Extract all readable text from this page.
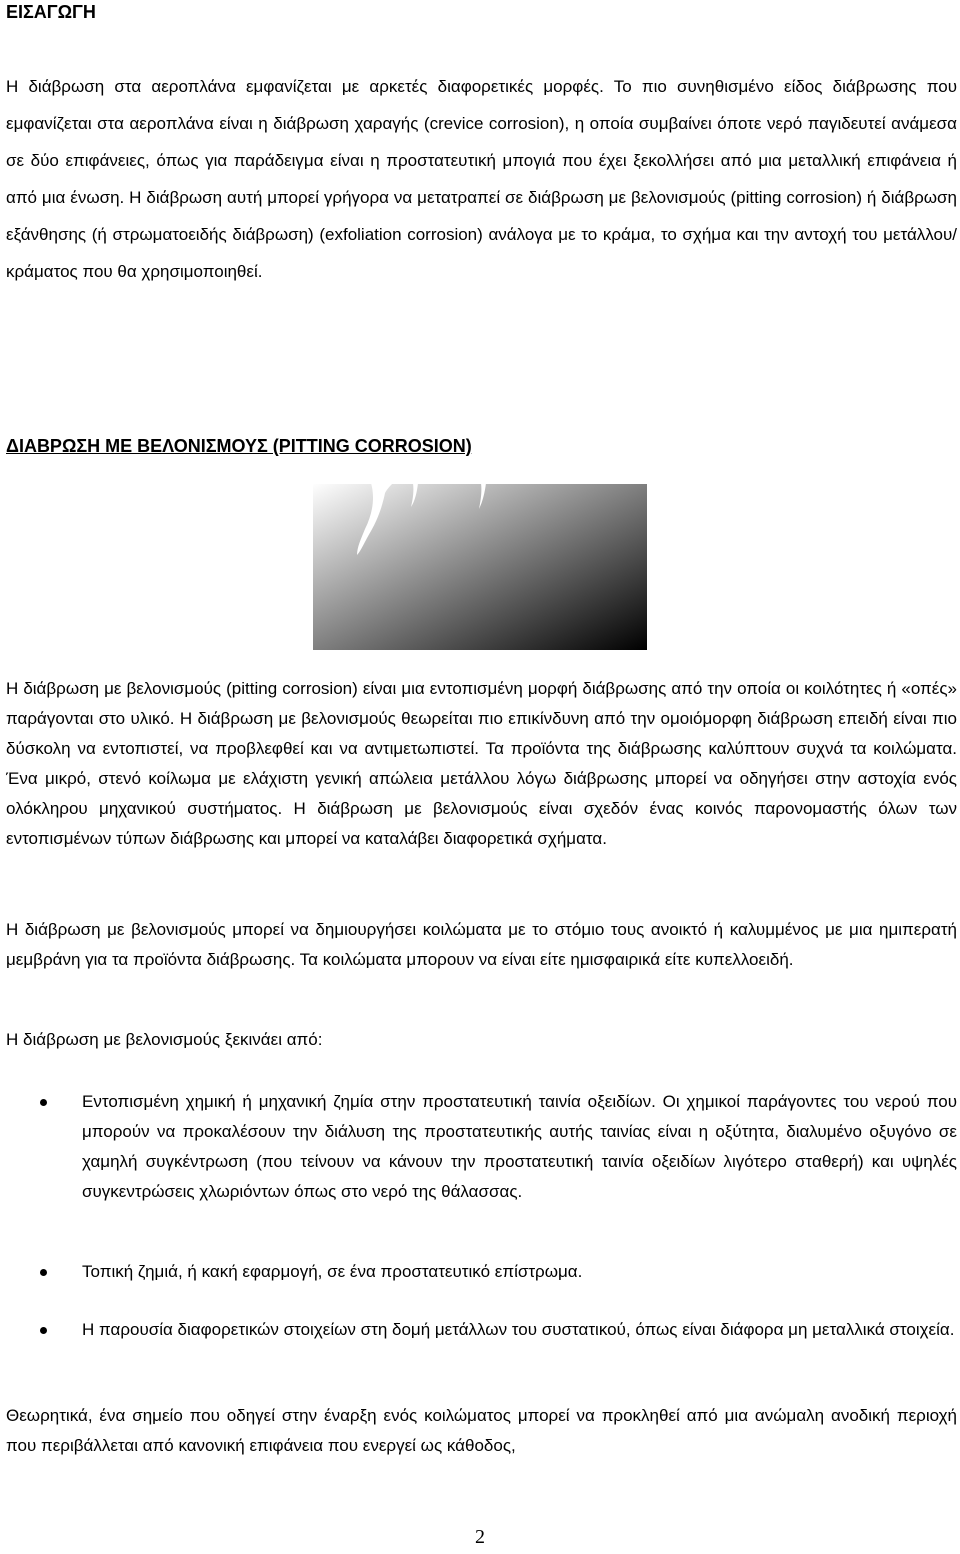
ΕΙΣΑΓΩΓΗ

Η διάβρωση στα αεροπλάνα εμφανίζεται με αρκετές διαφορετικές μορφές. Το πιο συνηθισμένο είδος διάβρωσης που εμφανίζεται στα αεροπλάνα είναι η διάβρωση χαραγής (crevice corrosion), η οποία συμβαίνει όποτε νερό παγιδευτεί ανάμεσα σε δύο επιφάνειες, όπως για παράδειγμα είναι η προστατευτική μπογιά που έχει ξεκολλήσει από μια μεταλλική επιφάνεια ή από μια ένωση. Η διάβρωση αυτή μπορεί γρήγορα να μετατραπεί σε διάβρωση με βελονισμούς (pitting corrosion) ή διάβρωση εξάνθησης (ή στρωματοειδής διάβρωση) (exfoliation corrosion) ανάλογα με το κράμα, το σχήμα και την αντοχή του μετάλλου/ κράματος που θα χρησιμοποιηθεί.

ΔΙΑΒΡΩΣΗ ΜΕ ΒΕΛΟΝΙΣΜΟΥΣ (PITTING CORROSION)

Η διάβρωση με βελονισμούς (pitting corrosion) είναι μια εντοπισμένη μορφή διάβρωσης από την οποία οι κοιλότητες ή «οπές» παράγονται στο υλικό. Η διάβρωση με βελονισμούς θεωρείται πιο επικίνδυνη από την ομοιόμορφη διάβρωση επειδή είναι πιο δύσκολη να εντοπιστεί, να προβλεφθεί και να αντιμετωπιστεί. Τα προϊόντα της διάβρωσης καλύπτουν συχνά τα κοιλώματα. Ένα μικρό, στενό κοίλωμα με ελάχιστη γενική απώλεια μετάλλου λόγω διάβρωσης μπορεί να οδηγήσει στην αστοχία ενός ολόκληρου μηχανικού συστήματος. Η διάβρωση με βελονισμούς είναι σχεδόν ένας κοινός παρονομαστής όλων των εντοπισμένων τύπων διάβρωσης και μπορεί να καταλάβει διαφορετικά σχήματα.

Η διάβρωση με βελονισμούς μπορεί να δημιουργήσει κοιλώματα με το στόμιο τους ανοικτό ή καλυμμένος με μια ημιπερατή μεμβράνη για τα προϊόντα διάβρωσης. Τα κοιλώματα μπορουν να είναι είτε ημισφαιρικά είτε κυπελλοειδή.

Η διάβρωση με βελονισμούς ξεκινάει από:

Εντοπισμένη χημική ή μηχανική ζημία στην προστατευτική ταινία οξειδίων. Οι χημικοί παράγοντες του νερού που μπορούν να προκαλέσουν την διάλυση της προστατευτικής αυτής ταινίας είναι η οξύτητα, διαλυμένο οξυγόνο σε χαμηλή συγκέντρωση (που τείνουν να κάνουν την προστατευτική ταινία οξειδίων λιγότερο σταθερή) και υψηλές συγκεντρώσεις χλωριόντων όπως στο νερό της θάλασσας.

Τοπική ζημιά, ή κακή εφαρμογή, σε ένα προστατευτικό επίστρωμα.

Η παρουσία διαφορετικών στοιχείων στη δομή μετάλλων του συστατικού, όπως είναι διάφορα μη μεταλλικά στοιχεία.

Θεωρητικά, ένα σημείο που οδηγεί στην έναρξη ενός κοιλώματος μπορεί να προκληθεί από μια ανώμαλη ανοδική περιοχή που περιβάλλεται από κανονική επιφάνεια που ενεργεί ως κάθοδος,

2
